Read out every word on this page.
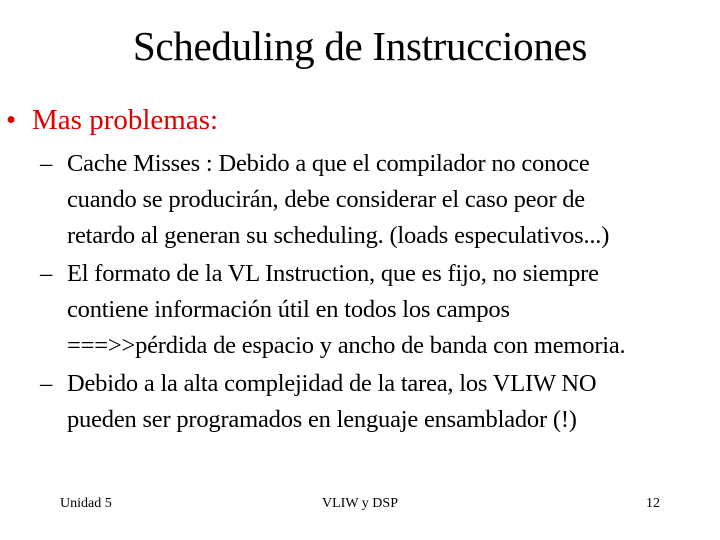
Scheduling de Instrucciones
• Mas problemas:
– Cache Misses : Debido a que el compilador no conoce
cuando se producirán, debe considerar el caso peor de
retardo al generan su scheduling. (loads especulativos...)
– El formato de la VL Instruction, que es fijo, no siempre
contiene información útil en todos los campos
===>>pérdida de espacio y ancho de banda con memoria.
– Debido a la alta complejidad de la tarea, los VLIW NO
pueden ser programados en lenguaje ensamblador (!)
Unidad 5	VLIW y DSP	12
